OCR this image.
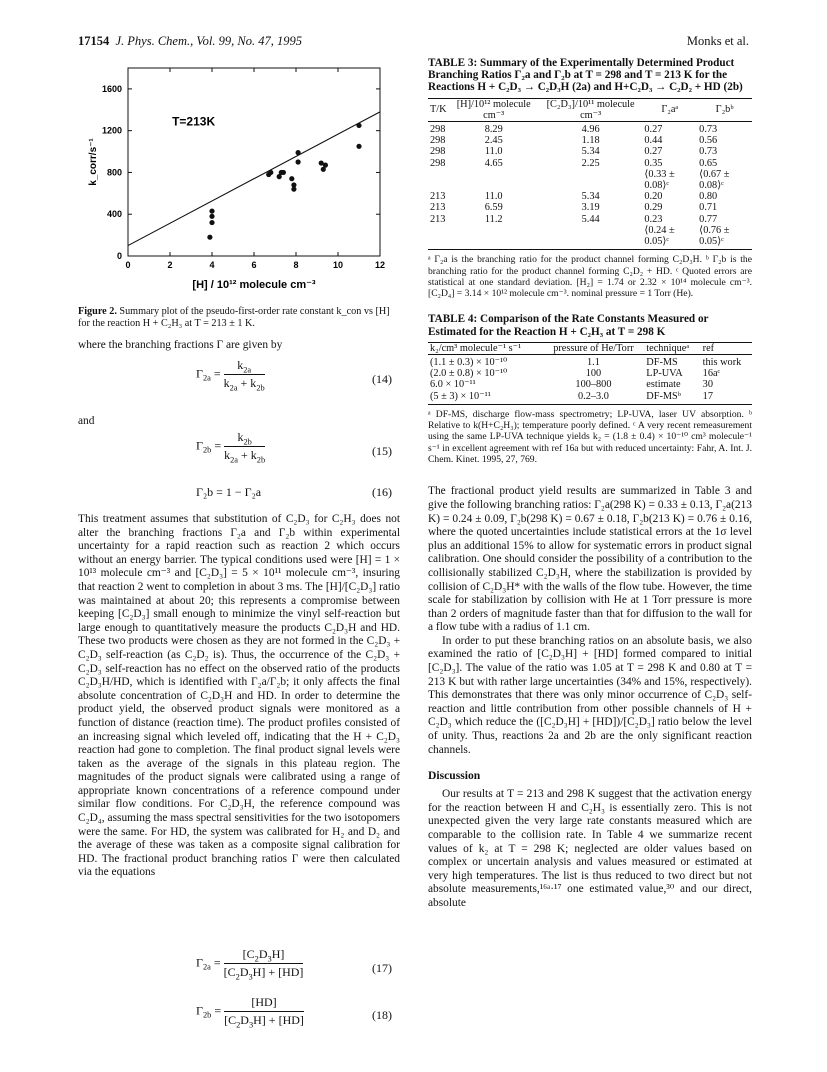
17154 J. Phys. Chem., Vol. 99, No. 47, 1995	Monks et al.
0	2	4	6	8	10	12
0
400
800
1200
1600
T=213K
[H] / 10¹² molecule cm⁻³
k_corr/s⁻¹

Figure 2. Summary plot of the pseudo-first-order rate constant k_con vs [H] for the reaction H + C₂H₃ at T = 213 ± 1 K.

where the branching fractions Γ are given by

$\Gamma_{2a} = \frac{k_{2a}}{k_{2a} + k_{2b}}$	(14)
and
$\Gamma_{2b} = \frac{k_{2b}}{k_{2a} + k_{2b}}$	(15)
Γ₂b = 1 − Γ₂a	(16)

This treatment assumes that substitution of C₂D₃ for C₂H₃ does not alter the branching fractions Γ₂a and Γ₂b within experimental uncertainty for a rapid reaction such as reaction 2 which occurs without an energy barrier. The typical conditions used were [H] = 1 × 10¹³ molecule cm⁻³ and [C₂D₃] = 5 × 10¹¹ molecule cm⁻³, insuring that reaction 2 went to completion in about 3 ms. The [H]/[C₂D₃] ratio was maintained at about 20; this represents a compromise between keeping [C₂D₃] small enough to minimize the vinyl self-reaction but large enough to quantitatively measure the products C₂D₃H and HD. These two products were chosen as they are not formed in the C₂D₃ + C₂D₃ self-reaction (as C₂D₂ is). Thus, the occurrence of the C₂D₃ + C₂D₃ self-reaction has no effect on the observed ratio of the products C₂D₃H/HD, which is identified with Γ₂a/Γ₂b; it only affects the final absolute concentration of C₂D₃H and HD. In order to determine the product yield, the observed product signals were monitored as a function of distance (reaction time). The product profiles consisted of an increasing signal which leveled off, indicating that the H + C₂D₃ reaction had gone to completion. The final product signal levels were taken as the average of the signals in this plateau region. The magnitudes of the product signals were calibrated using a range of appropriate known concentrations of a reference compound under similar flow conditions. For C₂D₃H, the reference compound was C₂D₄, assuming the mass spectral sensitivities for the two isotopomers were the same. For HD, the system was calibrated for H₂ and D₂ and the average of these was taken as a composite signal calibration for HD. The fractional product branching ratios Γ were then calculated via the equations

$\Gamma_{2a} = \frac{[C_2D_3H]}{[C_2D_3H] + [HD]}$	(17)
$\Gamma_{2b} = \frac{[HD]}{[C_2D_3H] + [HD]}$	(18)

TABLE 3: Summary of the Experimentally Determined Product Branching Ratios Γ₂a and Γ₂b at T = 298 and T = 213 K for the Reactions H + C₂D₃ → C₂D₃H (2a) and H+C₂D₃ → C₂D₂ + HD (2b)

T/K	[H]/10¹² molecule cm⁻³	[C₂D₃]/10¹¹ molecule cm⁻³	Γ₂aᵃ	Γ₂bᵇ
298	8.29	4.96	0.27	0.73
298	2.45	1.18	0.44	0.56
298	11.0	5.34	0.27	0.73
298	4.65	2.25	0.35	0.65
			⟨0.33 ± 0.08⟩ᶜ	⟨0.67 ± 0.08⟩ᶜ
213	11.0	5.34	0.20	0.80
213	6.59	3.19	0.29	0.71
213	11.2	5.44	0.23	0.77
			⟨0.24 ± 0.05⟩ᶜ	⟨0.76 ± 0.05⟩ᶜ

ᵃ Γ₂a is the branching ratio for the product channel forming C₂D₃H. ᵇ Γ₂b is the branching ratio for the product channel forming C₂D₂ + HD. ᶜ Quoted errors are statistical at one standard deviation. [H₂] = 1.74 or 2.32 × 10¹⁴ molecule cm⁻³. [C₂D₄] = 3.14 × 10¹² molecule cm⁻³. nominal pressure = 1 Torr (He).

TABLE 4: Comparison of the Rate Constants Measured or Estimated for the Reaction H + C₂H₃ at T = 298 K

k₂/cm³ molecule⁻¹ s⁻¹	pressure of He/Torr	techniqueᵃ	ref
(1.1 ± 0.3) × 10⁻¹⁰	1.1	DF-MS	this work
(2.0 ± 0.8) × 10⁻¹⁰	100	LP-UVA	16aᶜ
6.0 × 10⁻¹¹	100–800	estimate	30
(5 ± 3) × 10⁻¹¹	0.2–3.0	DF-MSᵇ	17

ᵃ DF-MS, discharge flow-mass spectrometry; LP-UVA, laser UV absorption. ᵇ Relative to k(H+C₂H₃); temperature poorly defined. ᶜ A very recent remeasurement using the same LP-UVA technique yields k₂ = (1.8 ± 0.4) × 10⁻¹⁰ cm³ molecule⁻¹ s⁻¹ in excellent agreement with ref 16a but with reduced uncertainty: Fahr, A. Int. J. Chem. Kinet. 1995, 27, 769.

The fractional product yield results are summarized in Table 3 and give the following branching ratios: Γ₂a(298 K) = 0.33 ± 0.13, Γ₂a(213 K) = 0.24 ± 0.09, Γ₂b(298 K) = 0.67 ± 0.18, Γ₂b(213 K) = 0.76 ± 0.16, where the quoted uncertainties include statistical errors at the 1σ level plus an additional 15% to allow for systematic errors in product signal calibration. One should consider the possibility of a contribution to the collisionally stabilized C₂D₃H, where the stabilization is provided by collision of C₂D₃H* with the walls of the flow tube. However, the time scale for stabilization by collision with He at 1 Torr pressure is more than 2 orders of magnitude faster than that for diffusion to the wall for a flow tube with a radius of 1.1 cm.

In order to put these branching ratios on an absolute basis, we also examined the ratio of [C₂D₃H] + [HD] formed compared to initial [C₂D₃]. The value of the ratio was 1.05 at T = 298 K and 0.80 at T = 213 K but with rather large uncertainties (34% and 15%, respectively). This demonstrates that there was only minor occurrence of C₂D₃ self-reaction and little contribution from other possible channels of H + C₂D₃ which reduce the ([C₂D₃H] + [HD])/[C₂D₃] ratio below the level of unity. Thus, reactions 2a and 2b are the only significant reaction channels.

Discussion

Our results at T = 213 and 298 K suggest that the activation energy for the reaction between H and C₂H₃ is essentially zero. This is not unexpected given the very large rate constants measured which are comparable to the collision rate. In Table 4 we summarize recent values of k₂ at T = 298 K; neglected are older values based on complex or uncertain analysis and values measured or estimated at very high temperatures. The list is thus reduced to two direct but not absolute measurements,¹⁶ᵃ·¹⁷ one estimated value,³⁰ and our direct, absolute
